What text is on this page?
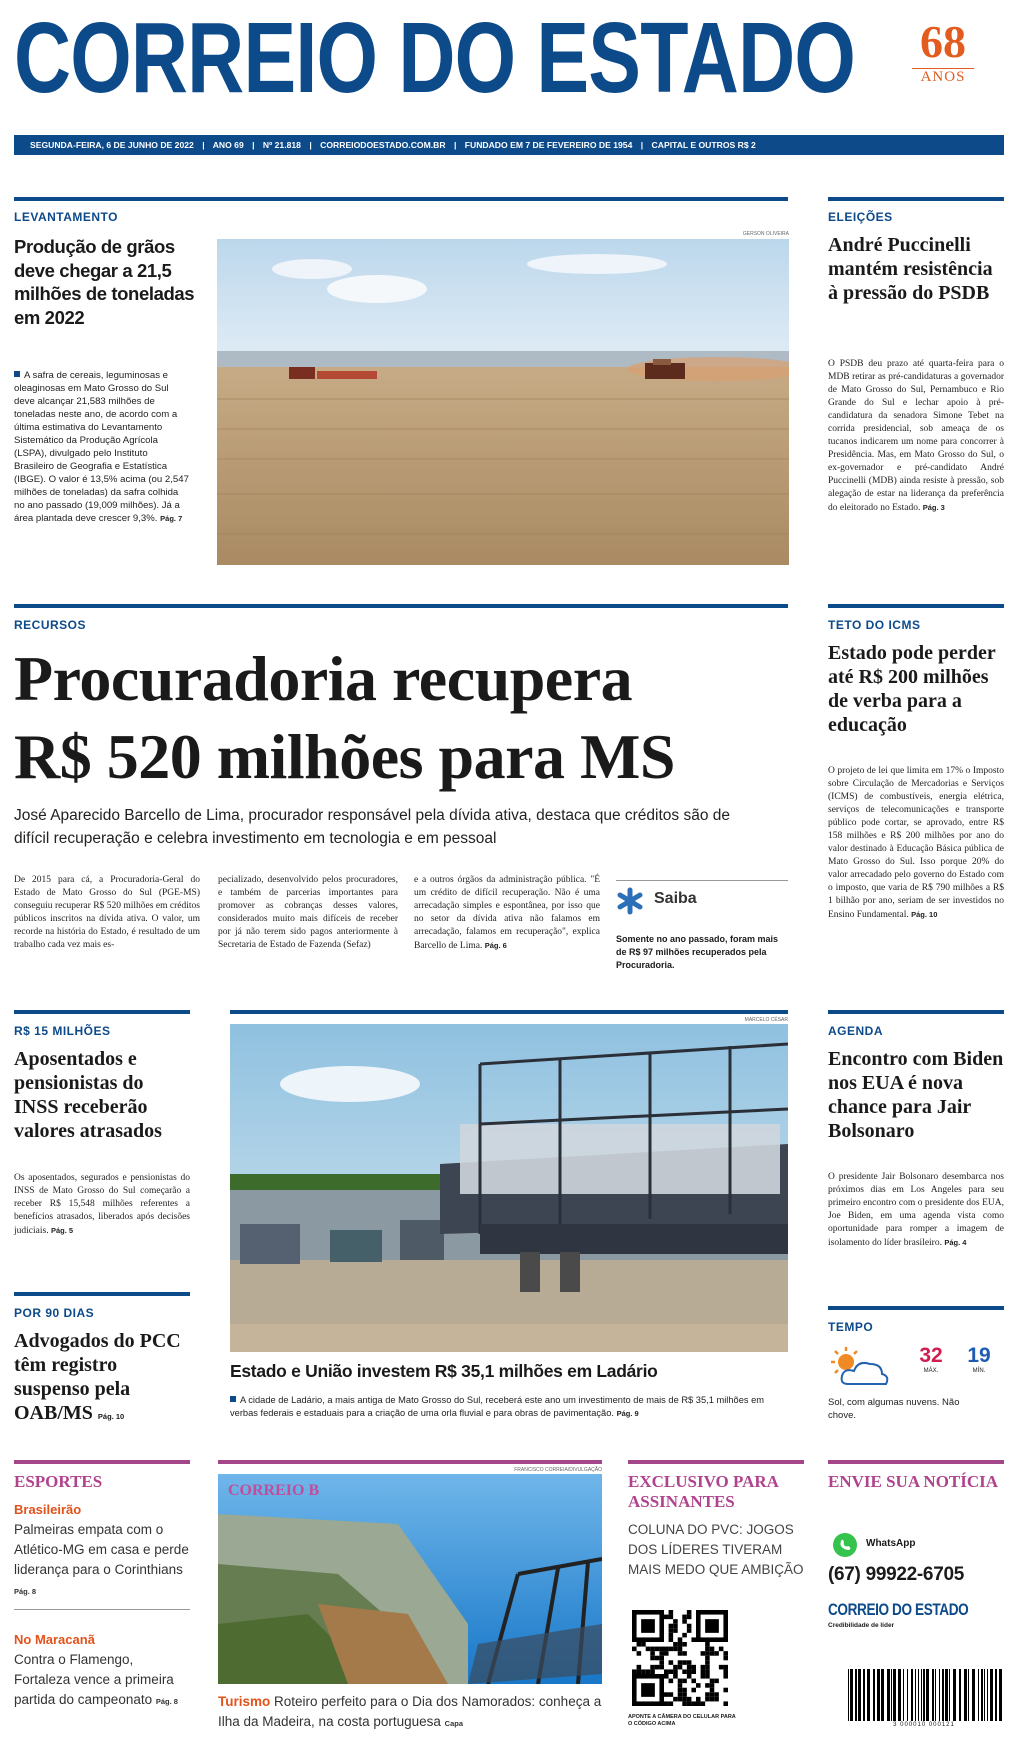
CORREIO DO ESTADO	68
ANOS
SEGUNDA-FEIRA, 6 DE JUNHO DE 2022 | ANO 69 | Nº 21.818 | CORREIODOESTADO.COM.BR | FUNDADO EM 7 DE FEVEREIRO DE 1954 | CAPITAL E OUTROS R$ 2
LEVANTAMENTO
Produção de grãos deve chegar a 21,5 milhões de toneladas em 2022
A safra de cereais, leguminosas e oleaginosas em Mato Grosso do Sul deve alcançar 21,583 milhões de toneladas neste ano, de acordo com a última estimativa do Levantamento Sistemático da Produção Agrícola (LSPA), divulgado pelo Instituto Brasileiro de Geografia e Estatística (IBGE). O valor é 13,5% acima (ou 2,547 milhões de toneladas) da safra colhida no ano passado (19,009 milhões). Já a área plantada deve crescer 9,3%. Pág. 7
GERSON OLIVEIRA
ELEIÇÕES
André Puccinelli mantém resistência à pressão do PSDB
O PSDB deu prazo até quarta-feira para o MDB retirar as pré-candidaturas a governador de Mato Grosso do Sul, Pernambuco e Rio Grande do Sul e lechar apoio à pré-candidatura da senadora Simone Tebet na corrida presidencial, sob ameaça de os tucanos indicarem um nome para concorrer à Presidência. Mas, em Mato Grosso do Sul, o ex-governador e pré-candidato André Puccinelli (MDB) ainda resiste à pressão, sob alegação de estar na liderança da preferência do eleitorado no Estado. Pág. 3
RECURSOS
Procuradoria recupera
R$ 520 milhões para MS
José Aparecido Barcello de Lima, procurador responsável pela dívida ativa, destaca que créditos são de difícil recuperação e celebra investimento em tecnologia e em pessoal
De 2015 para cá, a Procuradoria-Geral do Estado de Mato Grosso do Sul (PGE-MS) conseguiu recuperar R$ 520 milhões em créditos públicos inscritos na dívida ativa. O valor, um recorde na história do Estado, é resultado de um trabalho cada vez mais es-
pecializado, desenvolvido pelos procuradores, e também de parcerias importantes para promover as cobranças desses valores, considerados muito mais difíceis de receber por já não terem sido pagos anteriormente à Secretaria de Estado de Fazenda (Sefaz)
e a outros órgãos da administração pública. "É um crédito de difícil recuperação. Não é uma arrecadação simples e espontânea, por isso que no setor da dívida ativa não falamos em arrecadação, falamos em recuperação", explica Barcello de Lima. Pág. 6
Saiba
Somente no ano passado, foram mais de R$ 97 milhões recuperados pela Procuradoria.
TETO DO ICMS
Estado pode perder até R$ 200 milhões de verba para a educação
O projeto de lei que limita em 17% o Imposto sobre Circulação de Mercadorias e Serviços (ICMS) de combustíveis, energia elétrica, serviços de telecomunicações e transporte público pode cortar, se aprovado, entre R$ 158 milhões e R$ 200 milhões por ano do valor destinado à Educação Básica pública de Mato Grosso do Sul. Isso porque 20% do valor arrecadado pelo governo do Estado com o imposto, que varia de R$ 790 milhões a R$ 1 bilhão por ano, seriam de ser investidos no Ensino Fundamental. Pág. 10
R$ 15 MILHÕES
Aposentados e pensionistas do INSS receberão valores atrasados
Os aposentados, segurados e pensionistas do INSS de Mato Grosso do Sul começarão a receber R$ 15,548 milhões referentes a benefícios atrasados, liberados após decisões judiciais. Pág. 5
POR 90 DIAS
Advogados do PCC têm registro suspenso pela OAB/MS Pág. 10
MARCELO CÉSAR
Estado e União investem R$ 35,1 milhões em Ladário
A cidade de Ladário, a mais antiga de Mato Grosso do Sul, receberá este ano um investimento de mais de R$ 35,1 milhões em verbas federais e estaduais para a criação de uma orla fluvial e para obras de pavimentação. Pág. 9
AGENDA
Encontro com Biden nos EUA é nova chance para Jair Bolsonaro
O presidente Jair Bolsonaro desembarca nos próximos dias em Los Angeles para seu primeiro encontro com o presidente dos EUA, Joe Biden, em uma agenda vista como oportunidade para romper a imagem de isolamento do líder brasileiro. Pág. 4
TEMPO
32
MÁX.
19
MÍN.
Sol, com algumas nuvens. Não chove.
ESPORTES
Brasileirão
Palmeiras empata com o Atlético-MG em casa e perde liderança para o Corinthians Pág. 8
No Maracanã
Contra o Flamengo, Fortaleza vence a primeira partida do campeonato Pág. 8
FRANCISCO CORREIA/DIVULGAÇÃO
CORREIO B
Turismo Roteiro perfeito para o Dia dos Namorados: conheça a Ilha da Madeira, na costa portuguesa Capa
EXCLUSIVO PARA ASSINANTES
COLUNA DO PVC: JOGOS DOS LÍDERES TIVERAM MAIS MEDO QUE AMBIÇÃO
APONTE A CÂMERA DO CELULAR PARA O CÓDIGO ACIMA
ENVIE SUA NOTÍCIA
WhatsApp
(67) 99922-6705
CORREIO DO ESTADO
Credibilidade de líder
3 000010 000121
